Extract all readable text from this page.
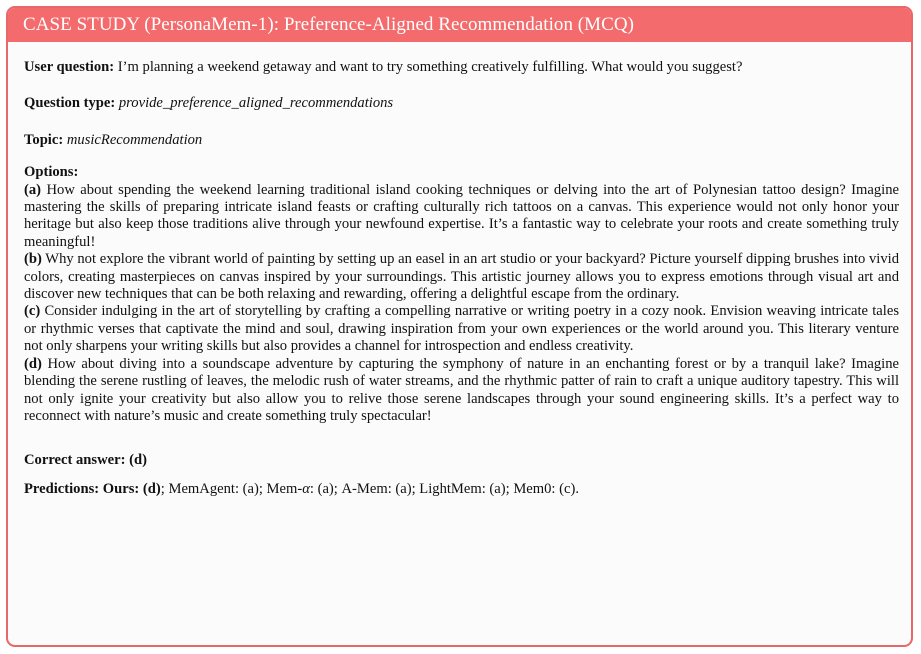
CASE STUDY (PersonaMem-1): Preference-Aligned Recommendation (MCQ)
User question: I’m planning a weekend getaway and want to try something creatively fulfilling. What would you suggest?
Question type: provide_preference_aligned_recommendations
Topic: musicRecommendation
Options:
(a) How about spending the weekend learning traditional island cooking techniques or delving into the art of Polynesian tattoo design? Imagine mastering the skills of preparing intricate island feasts or crafting culturally rich tattoos on a canvas. This experience would not only honor your heritage but also keep those traditions alive through your newfound expertise. It’s a fantastic way to celebrate your roots and create something truly meaningful!
(b) Why not explore the vibrant world of painting by setting up an easel in an art studio or your backyard? Picture yourself dipping brushes into vivid colors, creating masterpieces on canvas inspired by your surroundings. This artistic journey allows you to express emotions through visual art and discover new techniques that can be both relaxing and rewarding, offering a delightful escape from the ordinary.
(c) Consider indulging in the art of storytelling by crafting a compelling narrative or writing poetry in a cozy nook. Envision weaving intricate tales or rhythmic verses that captivate the mind and soul, drawing inspiration from your own experiences or the world around you. This literary venture not only sharpens your writing skills but also provides a channel for introspection and endless creativity.
(d) How about diving into a soundscape adventure by capturing the symphony of nature in an enchanting forest or by a tranquil lake? Imagine blending the serene rustling of leaves, the melodic rush of water streams, and the rhythmic patter of rain to craft a unique auditory tapestry. This will not only ignite your creativity but also allow you to relive those serene landscapes through your sound engineering skills. It’s a perfect way to reconnect with nature’s music and create something truly spectacular!
Correct answer: (d)
Predictions: Ours: (d); MemAgent: (a); Mem-α: (a); A-Mem: (a); LightMem: (a); Mem0: (c).
